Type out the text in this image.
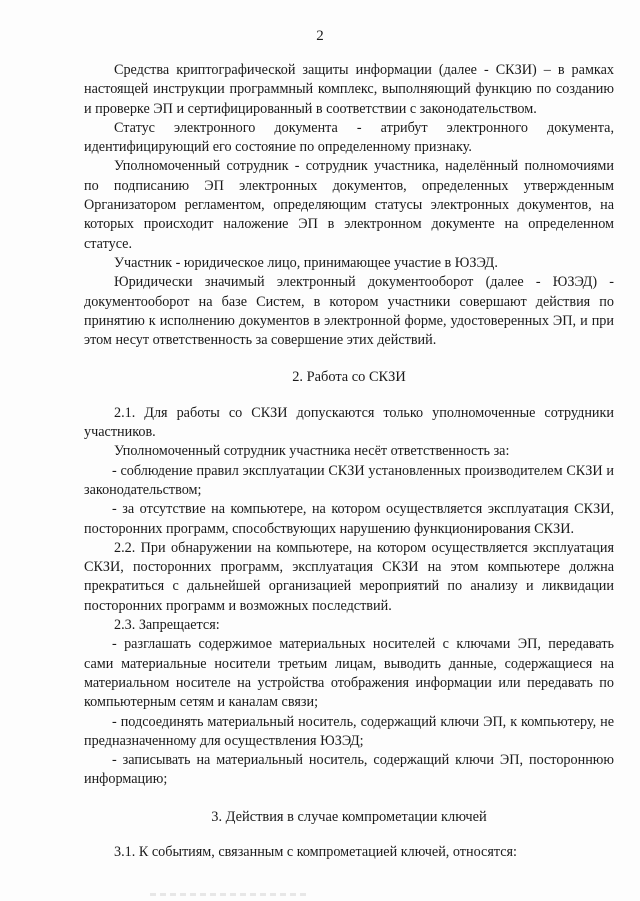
2

Средства криптографической защиты информации (далее - СКЗИ) – в рамках настоящей инструкции программный комплекс, выполняющий функцию по созданию и проверке ЭП и сертифицированный в соответствии с законодательством.

Статус электронного документа - атрибут электронного документа, идентифицирующий его состояние по определенному признаку.

Уполномоченный сотрудник - сотрудник участника, наделённый полномочиями по подписанию ЭП электронных документов, определенных утвержденным Организатором регламентом, определяющим статусы электронных документов, на которых происходит наложение ЭП в электронном документе на определенном статусе.

Участник - юридическое лицо, принимающее участие в ЮЗЭД.

Юридически значимый электронный документооборот (далее - ЮЗЭД) - документооборот на базе Систем, в котором участники совершают действия по принятию к исполнению документов в электронной форме, удостоверенных ЭП, и при этом несут ответственность за совершение этих действий.

2. Работа со СКЗИ

2.1. Для работы со СКЗИ допускаются только уполномоченные сотрудники участников.

Уполномоченный сотрудник участника несёт ответственность за:

- соблюдение правил эксплуатации СКЗИ установленных производителем СКЗИ и законодательством;

- за отсутствие на компьютере, на котором осуществляется эксплуатация СКЗИ, посторонних программ, способствующих нарушению функционирования СКЗИ.

2.2. При обнаружении на компьютере, на котором осуществляется эксплуатация СКЗИ, посторонних программ, эксплуатация СКЗИ на этом компьютере должна прекратиться с дальнейшей организацией мероприятий по анализу и ликвидации посторонних программ и возможных последствий.

2.3. Запрещается:

- разглашать содержимое материальных носителей с ключами ЭП, передавать сами материальные носители третьим лицам, выводить данные, содержащиеся на материальном носителе на устройства отображения информации или передавать по компьютерным сетям и каналам связи;

- подсоединять материальный носитель, содержащий ключи ЭП, к компьютеру, не предназначенному для осуществления ЮЗЭД;

- записывать на материальный носитель, содержащий ключи ЭП, постороннюю информацию;

3. Действия в случае компрометации ключей

3.1. К событиям, связанным с компрометацией ключей, относятся:
